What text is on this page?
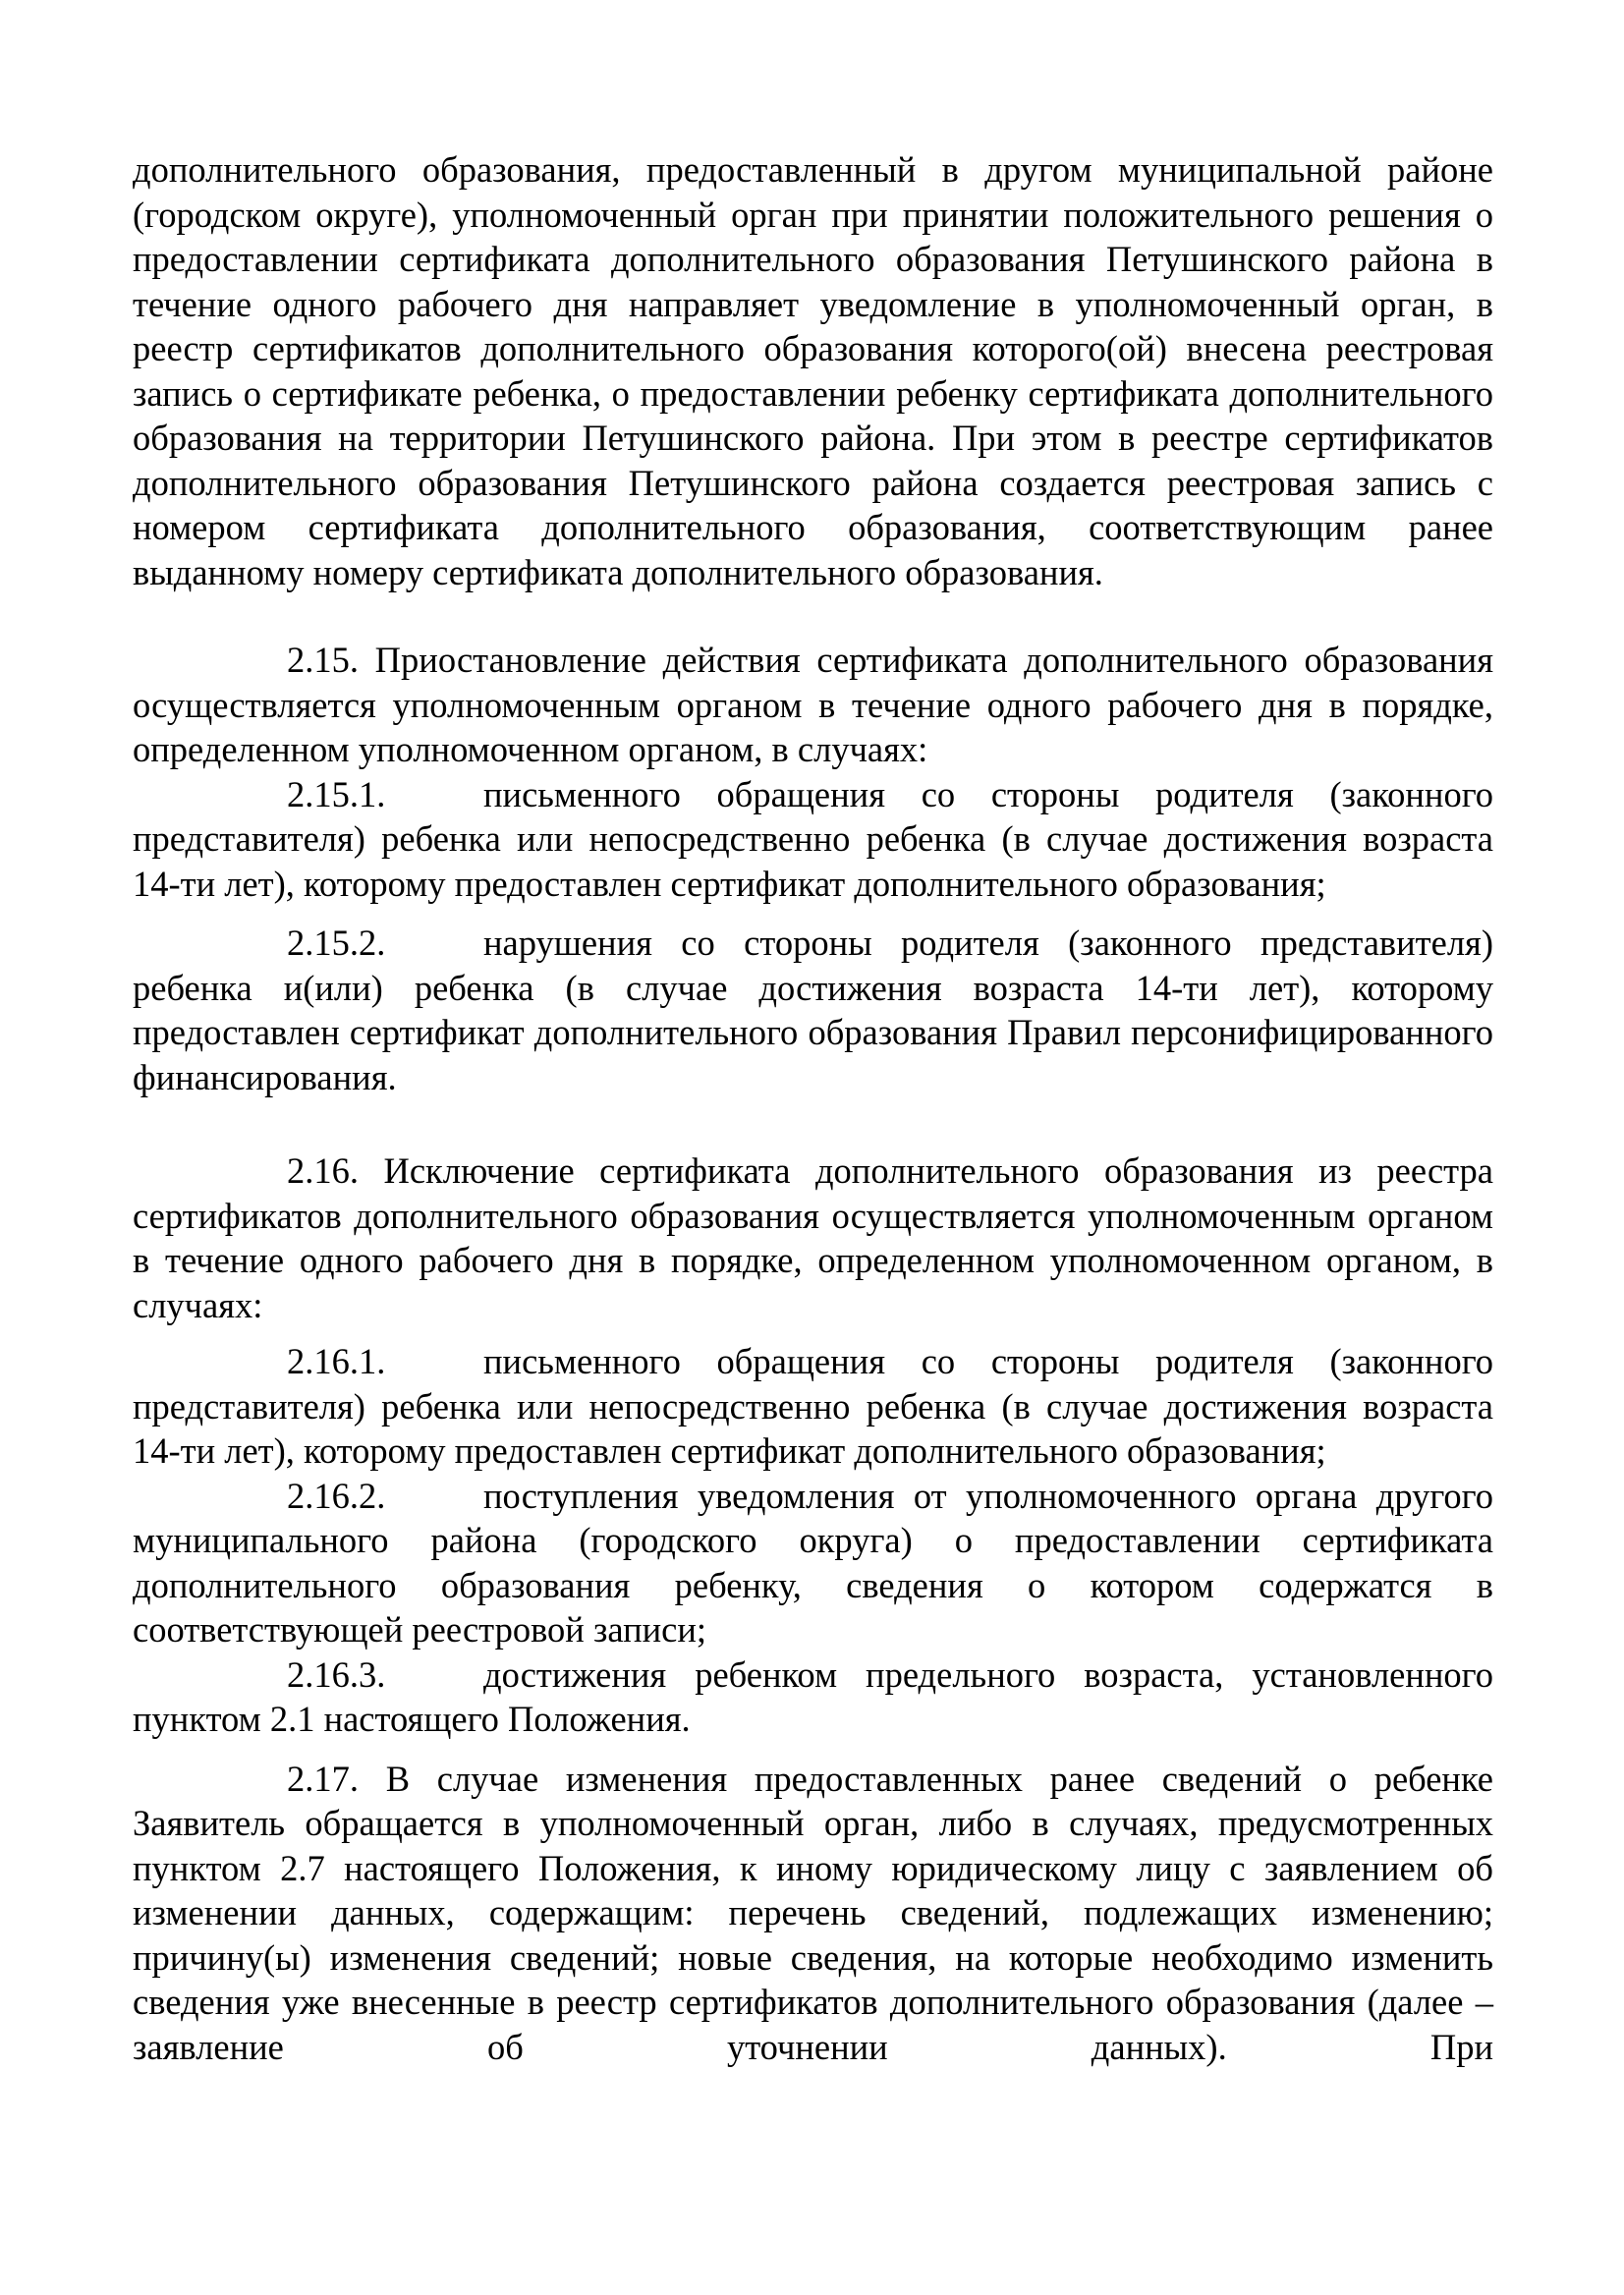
дополнительного образования, предоставленный в другом муниципальной районе (городском округе), уполномоченный орган при принятии положительного решения о предоставлении сертификата дополнительного образования Петушинского района в течение одного рабочего дня направляет уведомление в уполномоченный орган, в реестр сертификатов дополнительного образования которого(ой) внесена реестровая запись о сертификате ребенка, о предоставлении ребенку сертификата дополнительного образования на территории Петушинского района. При этом в реестре сертификатов дополнительного образования Петушинского района создается реестровая запись с номером сертификата дополнительного образования, соответствующим ранее выданному номеру сертификата дополнительного образования.

2.15. Приостановление действия сертификата дополнительного образования осуществляется уполномоченным органом в течение одного рабочего дня в порядке, определенном уполномоченном органом, в случаях:

2.15.1.	письменного обращения со стороны родителя (законного представителя) ребенка или непосредственно ребенка (в случае достижения возраста 14-ти лет), которому предоставлен сертификат дополнительного образования;

2.15.2.	нарушения со стороны родителя (законного представителя) ребенка и(или) ребенка (в случае достижения возраста 14-ти лет), которому предоставлен сертификат дополнительного образования Правил персонифицированного финансирования.

2.16. Исключение сертификата дополнительного образования из реестра сертификатов дополнительного образования осуществляется уполномоченным органом в течение одного рабочего дня в порядке, определенном уполномоченном органом, в случаях:

2.16.1.	письменного обращения со стороны родителя (законного представителя) ребенка или непосредственно ребенка (в случае достижения возраста 14-ти лет), которому предоставлен сертификат дополнительного образования;

2.16.2.	поступления уведомления от уполномоченного органа другого муниципального района (городского округа) о предоставлении сертификата дополнительного образования ребенку, сведения о котором содержатся в соответствующей реестровой записи;

2.16.3.	достижения ребенком предельного возраста, установленного пунктом 2.1 настоящего Положения.

2.17. В случае изменения предоставленных ранее сведений о ребенке Заявитель обращается в уполномоченный орган, либо в случаях, предусмотренных пунктом 2.7 настоящего Положения, к иному юридическому лицу с заявлением об изменении данных, содержащим: перечень сведений, подлежащих изменению; причину(ы) изменения сведений; новые сведения, на которые необходимо изменить сведения уже внесенные в реестр сертификатов дополнительного образования (далее – заявление об уточнении данных). При
